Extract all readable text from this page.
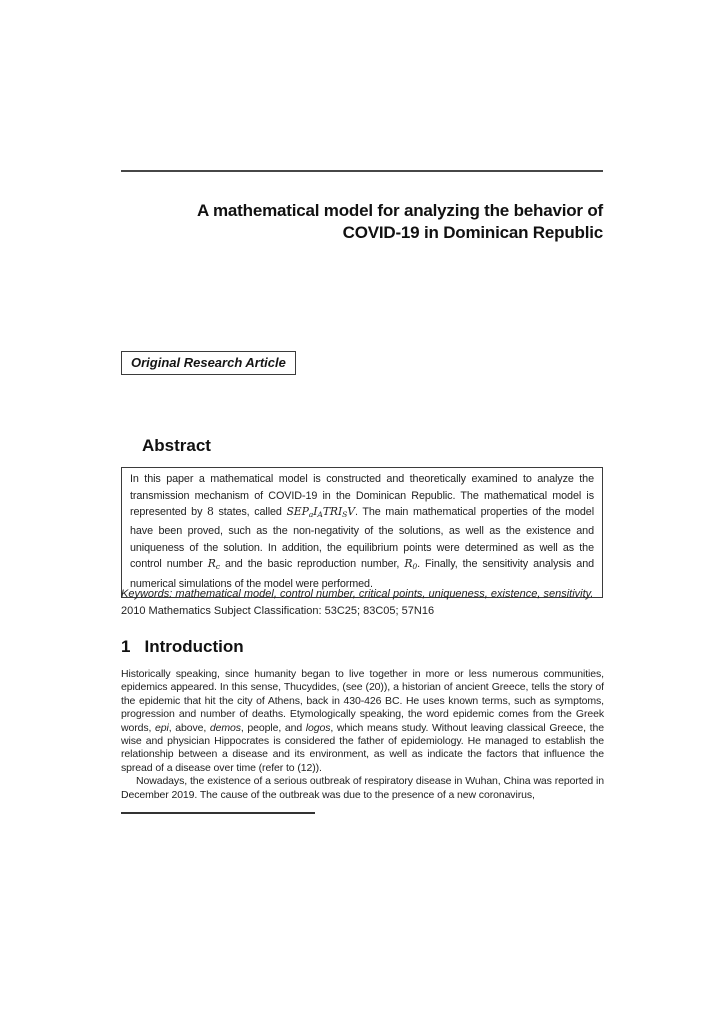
A mathematical model for analyzing the behavior of
COVID-19 in Dominican Republic
Original Research Article
Abstract
In this paper a mathematical model is constructed and theoretically examined to analyze the transmission mechanism of COVID-19 in the Dominican Republic. The mathematical model is represented by 8 states, called $SEP_aI_ATRI_SV$. The main mathematical properties of the model have been proved, such as the non-negativity of the solutions, as well as the existence and uniqueness of the solution. In addition, the equilibrium points were determined as well as the control number $R_c$ and the basic reproduction number, $R_0$. Finally, the sensitivity analysis and numerical simulations of the model were performed.
Keywords: mathematical model, control number, critical points, uniqueness, existence, sensitivity.
2010 Mathematics Subject Classification: 53C25; 83C05; 57N16
1 Introduction

Historically speaking, since humanity began to live together in more or less numerous communities, epidemics appeared. In this sense, Thucydides, (see (20)), a historian of ancient Greece, tells the story of the epidemic that hit the city of Athens, back in 430-426 BC. He uses known terms, such as symptoms, progression and number of deaths. Etymologically speaking, the word epidemic comes from the Greek words, epi, above, demos, people, and logos, which means study. Without leaving classical Greece, the wise and physician Hippocrates is considered the father of epidemiology. He managed to establish the relationship between a disease and its environment, as well as indicate the factors that influence the spread of a disease over time (refer to (12)).

Nowadays, the existence of a serious outbreak of respiratory disease in Wuhan, China was reported in December 2019. The cause of the outbreak was due to the presence of a new coronavirus,
